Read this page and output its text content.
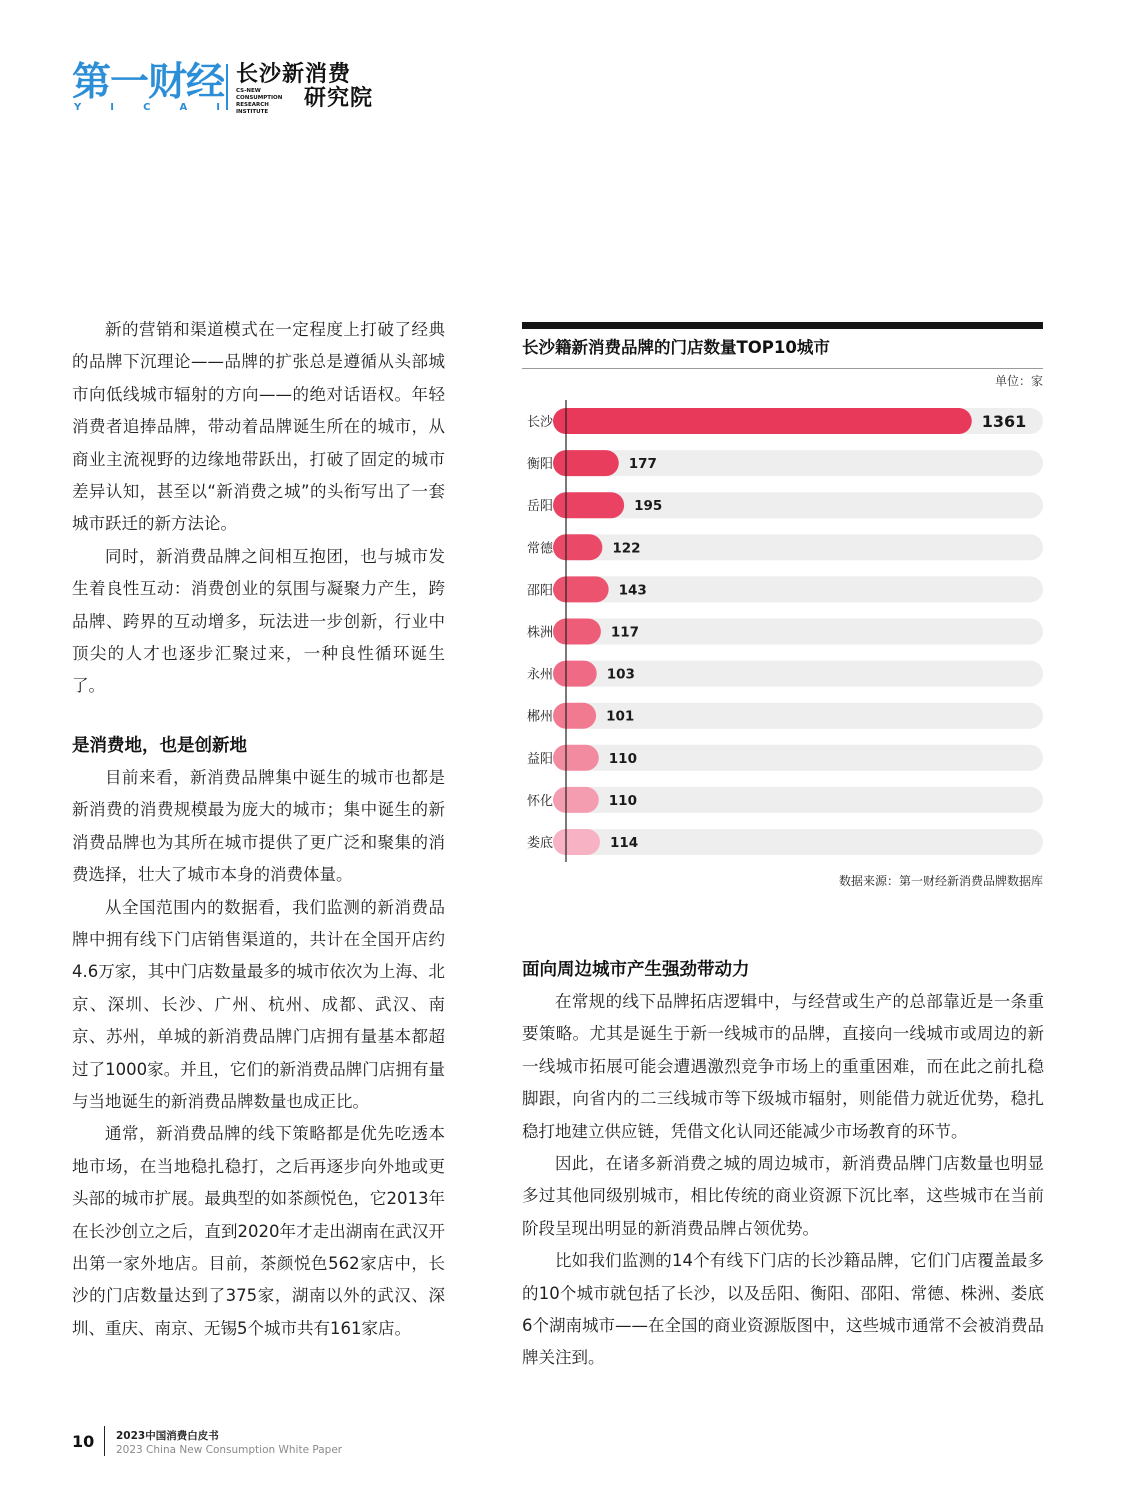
第一财经
Y	I	C	A	I
长沙新消费
CS-NEW CONSUMPTION RESEARCH INSTITUTE
研究院

新的营销和渠道模式在一定程度上打破了经典的品牌下沉理论——品牌的扩张总是遵循从头部城市向低线城市辐射的方向——的绝对话语权。年轻消费者追捧品牌，带动着品牌诞生所在的城市，从商业主流视野的边缘地带跃出，打破了固定的城市差异认知，甚至以“新消费之城”的头衔写出了一套城市跃迁的新方法论。

同时，新消费品牌之间相互抱团，也与城市发生着良性互动：消费创业的氛围与凝聚力产生，跨品牌、跨界的互动增多，玩法进一步创新，行业中顶尖的人才也逐步汇聚过来，一种良性循环诞生了。

是消费地，也是创新地

目前来看，新消费品牌集中诞生的城市也都是新消费的消费规模最为庞大的城市；集中诞生的新消费品牌也为其所在城市提供了更广泛和聚集的消费选择，壮大了城市本身的消费体量。

从全国范围内的数据看，我们监测的新消费品牌中拥有线下门店销售渠道的，共计在全国开店约4.6万家，其中门店数量最多的城市依次为上海、北京、深圳、长沙、广州、杭州、成都、武汉、南京、苏州，单城的新消费品牌门店拥有量基本都超过了1000家。并且，它们的新消费品牌门店拥有量与当地诞生的新消费品牌数量也成正比。

通常，新消费品牌的线下策略都是优先吃透本地市场，在当地稳扎稳打，之后再逐步向外地或更头部的城市扩展。最典型的如茶颜悦色，它2013年在长沙创立之后，直到2020年才走出湖南在武汉开出第一家外地店。目前，茶颜悦色562家店中，长沙的门店数量达到了375家，湖南以外的武汉、深圳、重庆、南京、无锡5个城市共有161家店。

长沙籍新消费品牌的门店数量TOP10城市
单位：家
长沙	1361
衡阳	177
岳阳	195
常德	122
邵阳	143
株洲	117
永州	103
郴州	101
益阳	110
怀化	110
娄底	114
数据来源：第一财经新消费品牌数据库
面向周边城市产生强劲带动力

在常规的线下品牌拓店逻辑中，与经营或生产的总部靠近是一条重要策略。尤其是诞生于新一线城市的品牌，直接向一线城市或周边的新一线城市拓展可能会遭遇激烈竞争市场上的重重困难，而在此之前扎稳脚跟，向省内的二三线城市等下级城市辐射，则能借力就近优势，稳扎稳打地建立供应链，凭借文化认同还能减少市场教育的环节。

因此，在诸多新消费之城的周边城市，新消费品牌门店数量也明显多过其他同级别城市，相比传统的商业资源下沉比率，这些城市在当前阶段呈现出明显的新消费品牌占领优势。

比如我们监测的14个有线下门店的长沙籍品牌，它们门店覆盖最多的10个城市就包括了长沙，以及岳阳、衡阳、邵阳、常德、株洲、娄底6个湖南城市——在全国的商业资源版图中，这些城市通常不会被消费品牌关注到。

10 2023中国消费白皮书
2023 China New Consumption White Paper
